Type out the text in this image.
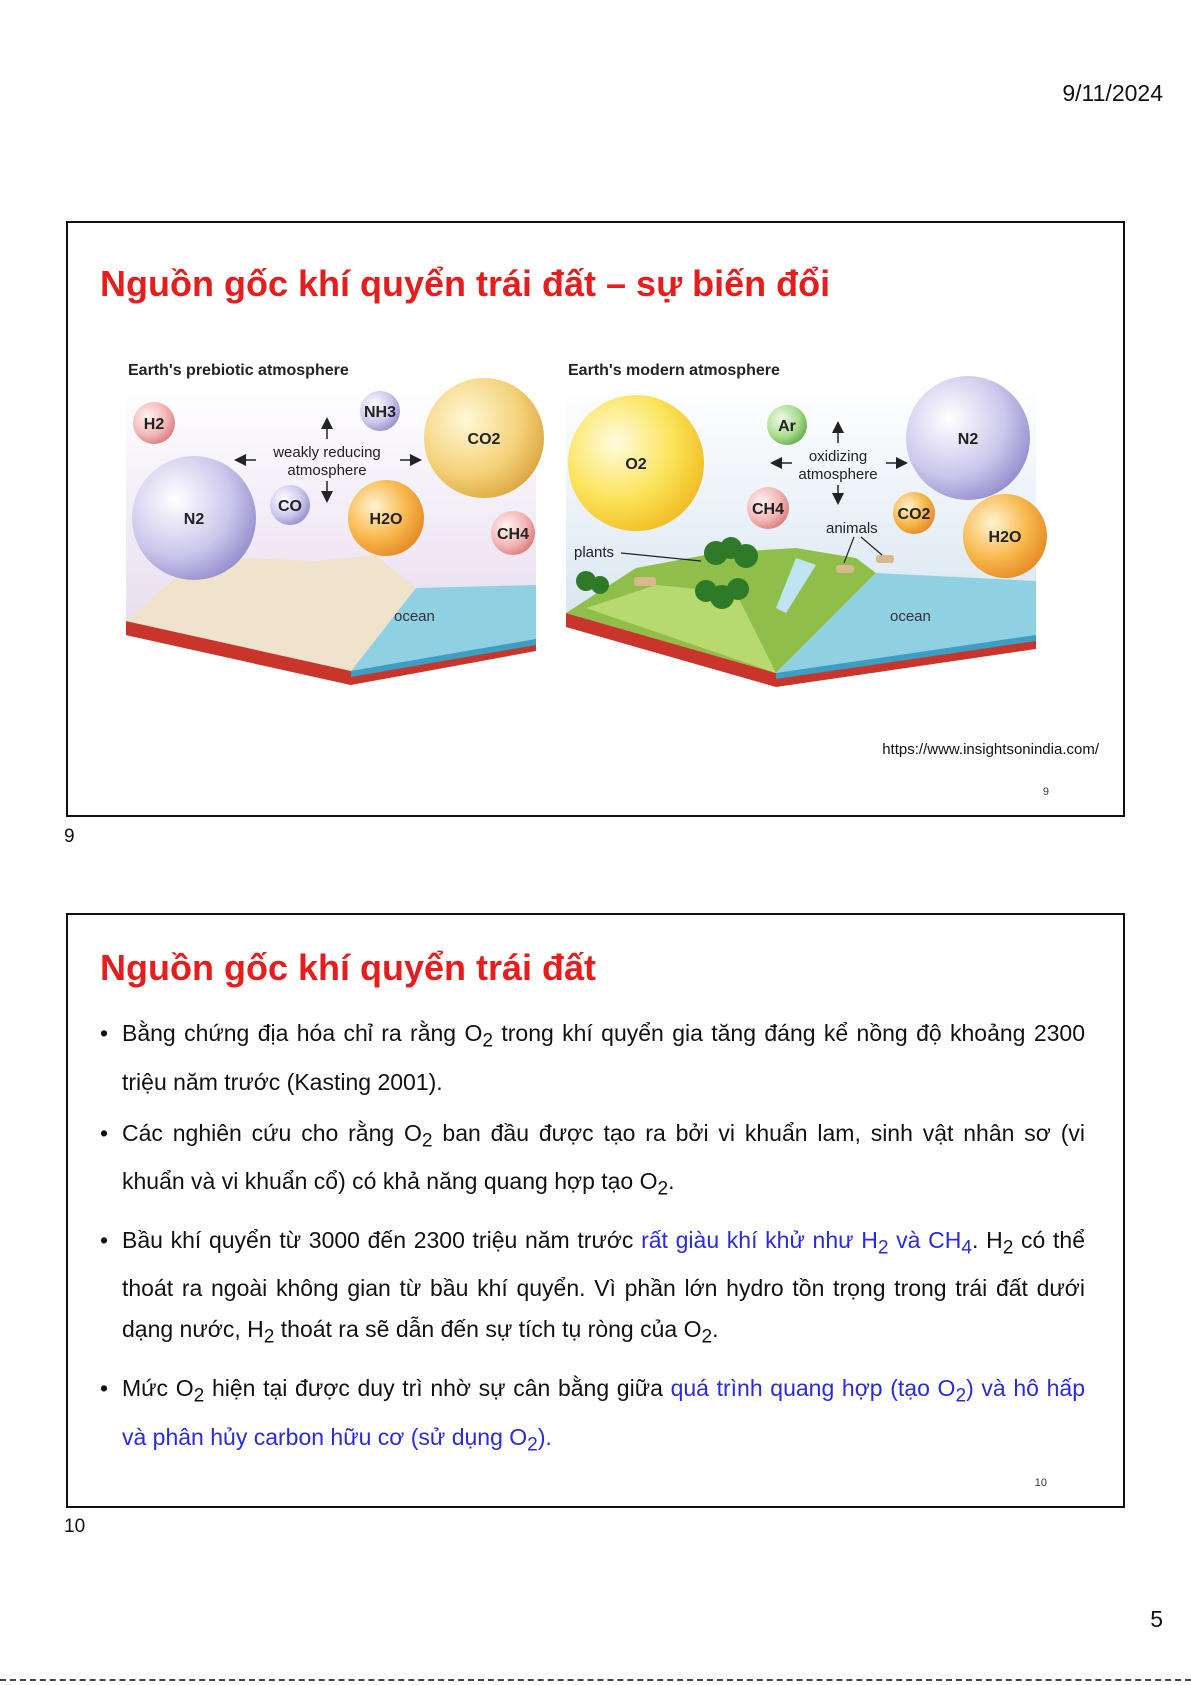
9/11/2024
Nguồn gốc khí quyển trái đất – sự biến đổi
Earth's prebiotic atmosphere
ocean
H2
NH3
CO2
N2
CO
H2O
CH4
weakly reducing
atmosphere
Earth's modern atmosphere
ocean
plants
animals
Ar
O2
N2
CH4	CO2
H2O
oxidizing
atmosphere
https://www.insightsonindia.com/
9
9
Nguồn gốc khí quyển trái đất
• Bằng chứng địa hóa chỉ ra rằng $O_2$ trong khí quyển gia tăng đáng kể nồng độ khoảng 2300 triệu năm trước (Kasting 2001).
• Các nghiên cứu cho rằng $O_2$ ban đầu được tạo ra bởi vi khuẩn lam, sinh vật nhân sơ (vi khuẩn và vi khuẩn cổ) có khả năng quang hợp tạo $O_2$.
• Bầu khí quyển từ 3000 đến 2300 triệu năm trước rất giàu khí khử như $H_2$ và $CH_4$. $H_2$ có thể thoát ra ngoài không gian từ bầu khí quyển. Vì phần lớn hydro tồn trọng trong trái đất dưới dạng nước, $H_2$ thoát ra sẽ dẫn đến sự tích tụ ròng của $O_2$.
• Mức $O_2$ hiện tại được duy trì nhờ sự cân bằng giữa quá trình quang hợp (tạo $O_2$) và hô hấp và phân hủy carbon hữu cơ (sử dụng $O_2$).
10
10
5
